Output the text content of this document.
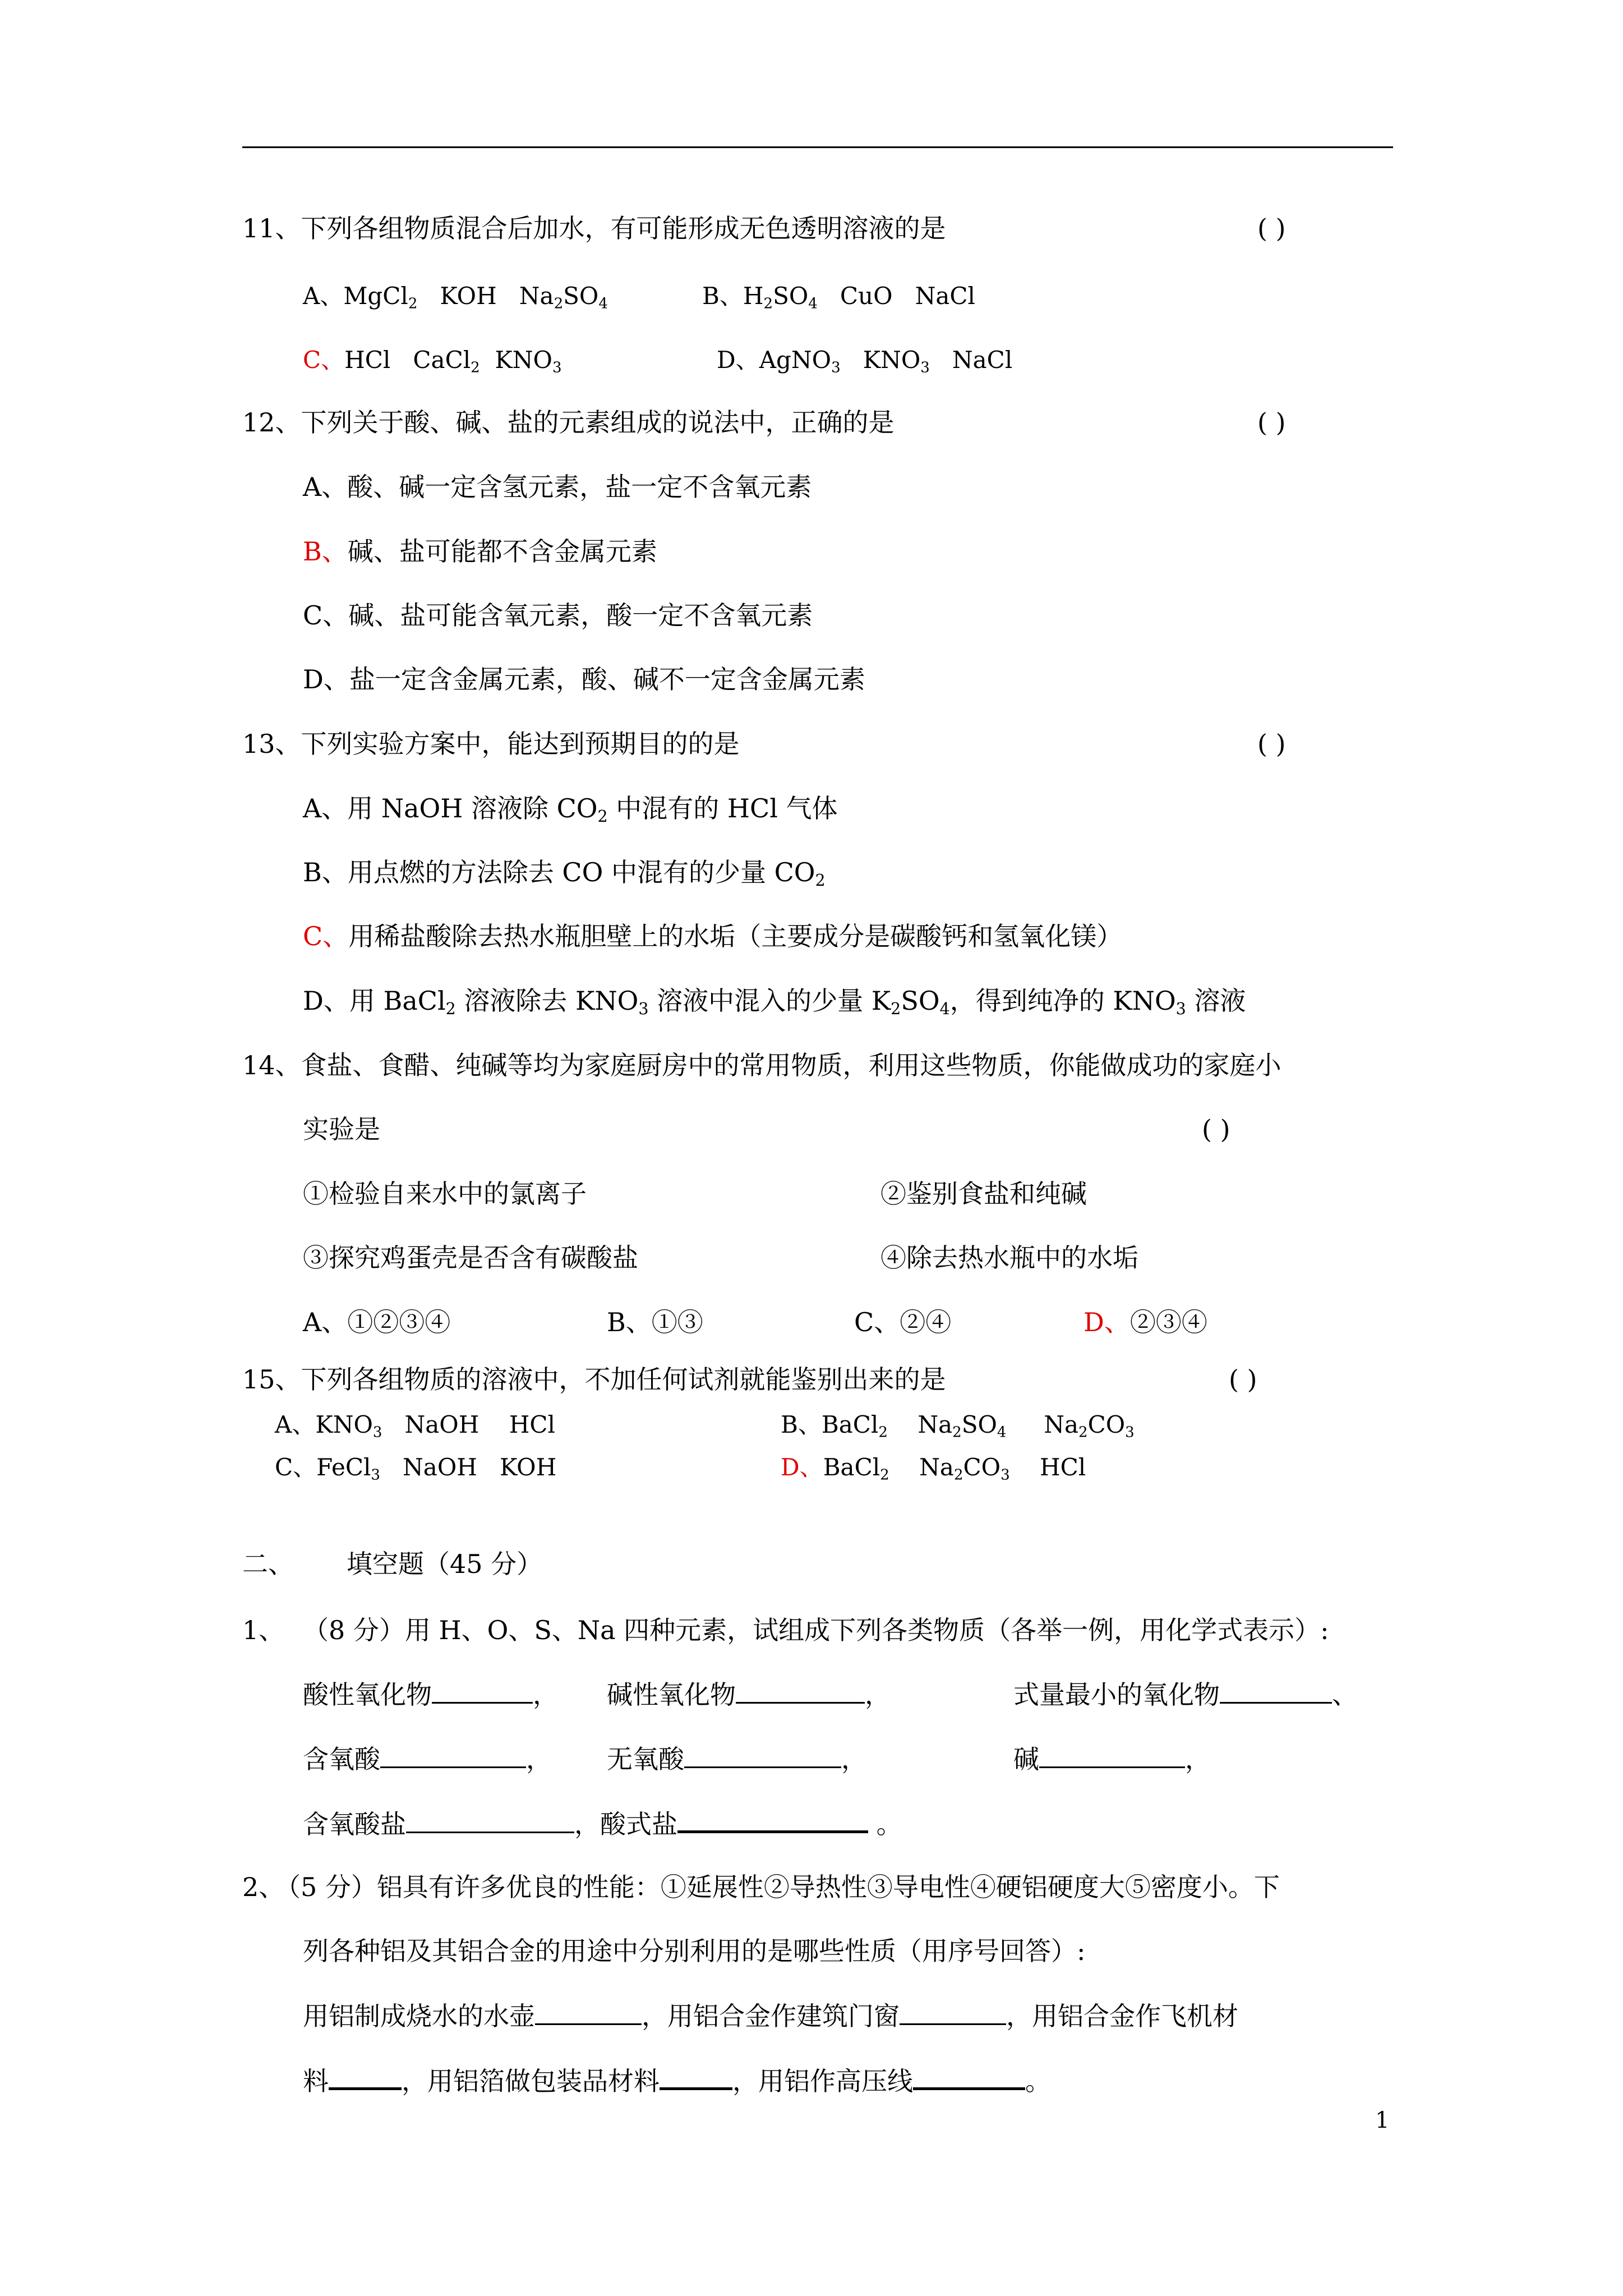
11、下列各组物质混合后加水，有可能形成无色透明溶液的是	( )
A、MgCl$_2$   KOH   $Na_2SO_4$	B、$H_2SO_4$   CuO   NaCl
C、HCl   CaCl$_2$  $KNO_3$	D、AgNO$_3$   $KNO_3$   NaCl
12、下列关于酸、碱、盐的元素组成的说法中，正确的是	( )
A、酸、碱一定含氢元素，盐一定不含氧元素
B、碱、盐可能都不含金属元素
C、碱、盐可能含氧元素，酸一定不含氧元素
D、盐一定含金属元素，酸、碱不一定含金属元素
13、下列实验方案中，能达到预期目的的是	( )
A、用 NaOH 溶液除 $CO_2$ 中混有的 HCl 气体
B、用点燃的方法除去 CO 中混有的少量 $CO_2$
C、用稀盐酸除去热水瓶胆壁上的水垢（主要成分是碳酸钙和氢氧化镁）
D、用 BaCl$_2$ 溶液除去 $KNO_3$ 溶液中混入的少量 $K_2SO_4$，得到纯净的 $KNO_3$ 溶液
14、食盐、食醋、纯碱等均为家庭厨房中的常用物质，利用这些物质，你能做成功的家庭小
实验是	( )
①检验自来水中的氯离子	②鉴别食盐和纯碱
③探究鸡蛋壳是否含有碳酸盐	④除去热水瓶中的水垢
A、①②③④	B、①③	C、②④	D、②③④
15、下列各组物质的溶液中，不加任何试剂就能鉴别出来的是	( )
A、$KNO_3$   NaOH    HCl	B、BaCl$_2$    $Na_2SO_4$     $Na_2CO_3$
C、FeCl$_3$   NaOH   KOH	D、BaCl$_2$    $Na_2CO_3$    HCl
二、 填空题（45 分）
1、 （8 分）用 H、O、S、Na 四种元素，试组成下列各类物质（各举一例，用化学式表示）:
酸性氧化物	， 碱性氧化物	，	式量最小的氧化物	、
含氧酸	， 无氧酸	，	碱	，
含氧酸盐	，酸式盐	。
2、
（5 分）铝具有许多优良的性能：①延展性②导热性③导电性④硬铝硬度大⑤密度小。下
列各种铝及其铝合金的用途中分别利用的是哪些性质（用序号回答）:
用铝制成烧水的水壶	，用铝合金作建筑门窗	，用铝合金作飞机材
料	，用铝箔做包装品材料	，用铝作高压线	。
1
